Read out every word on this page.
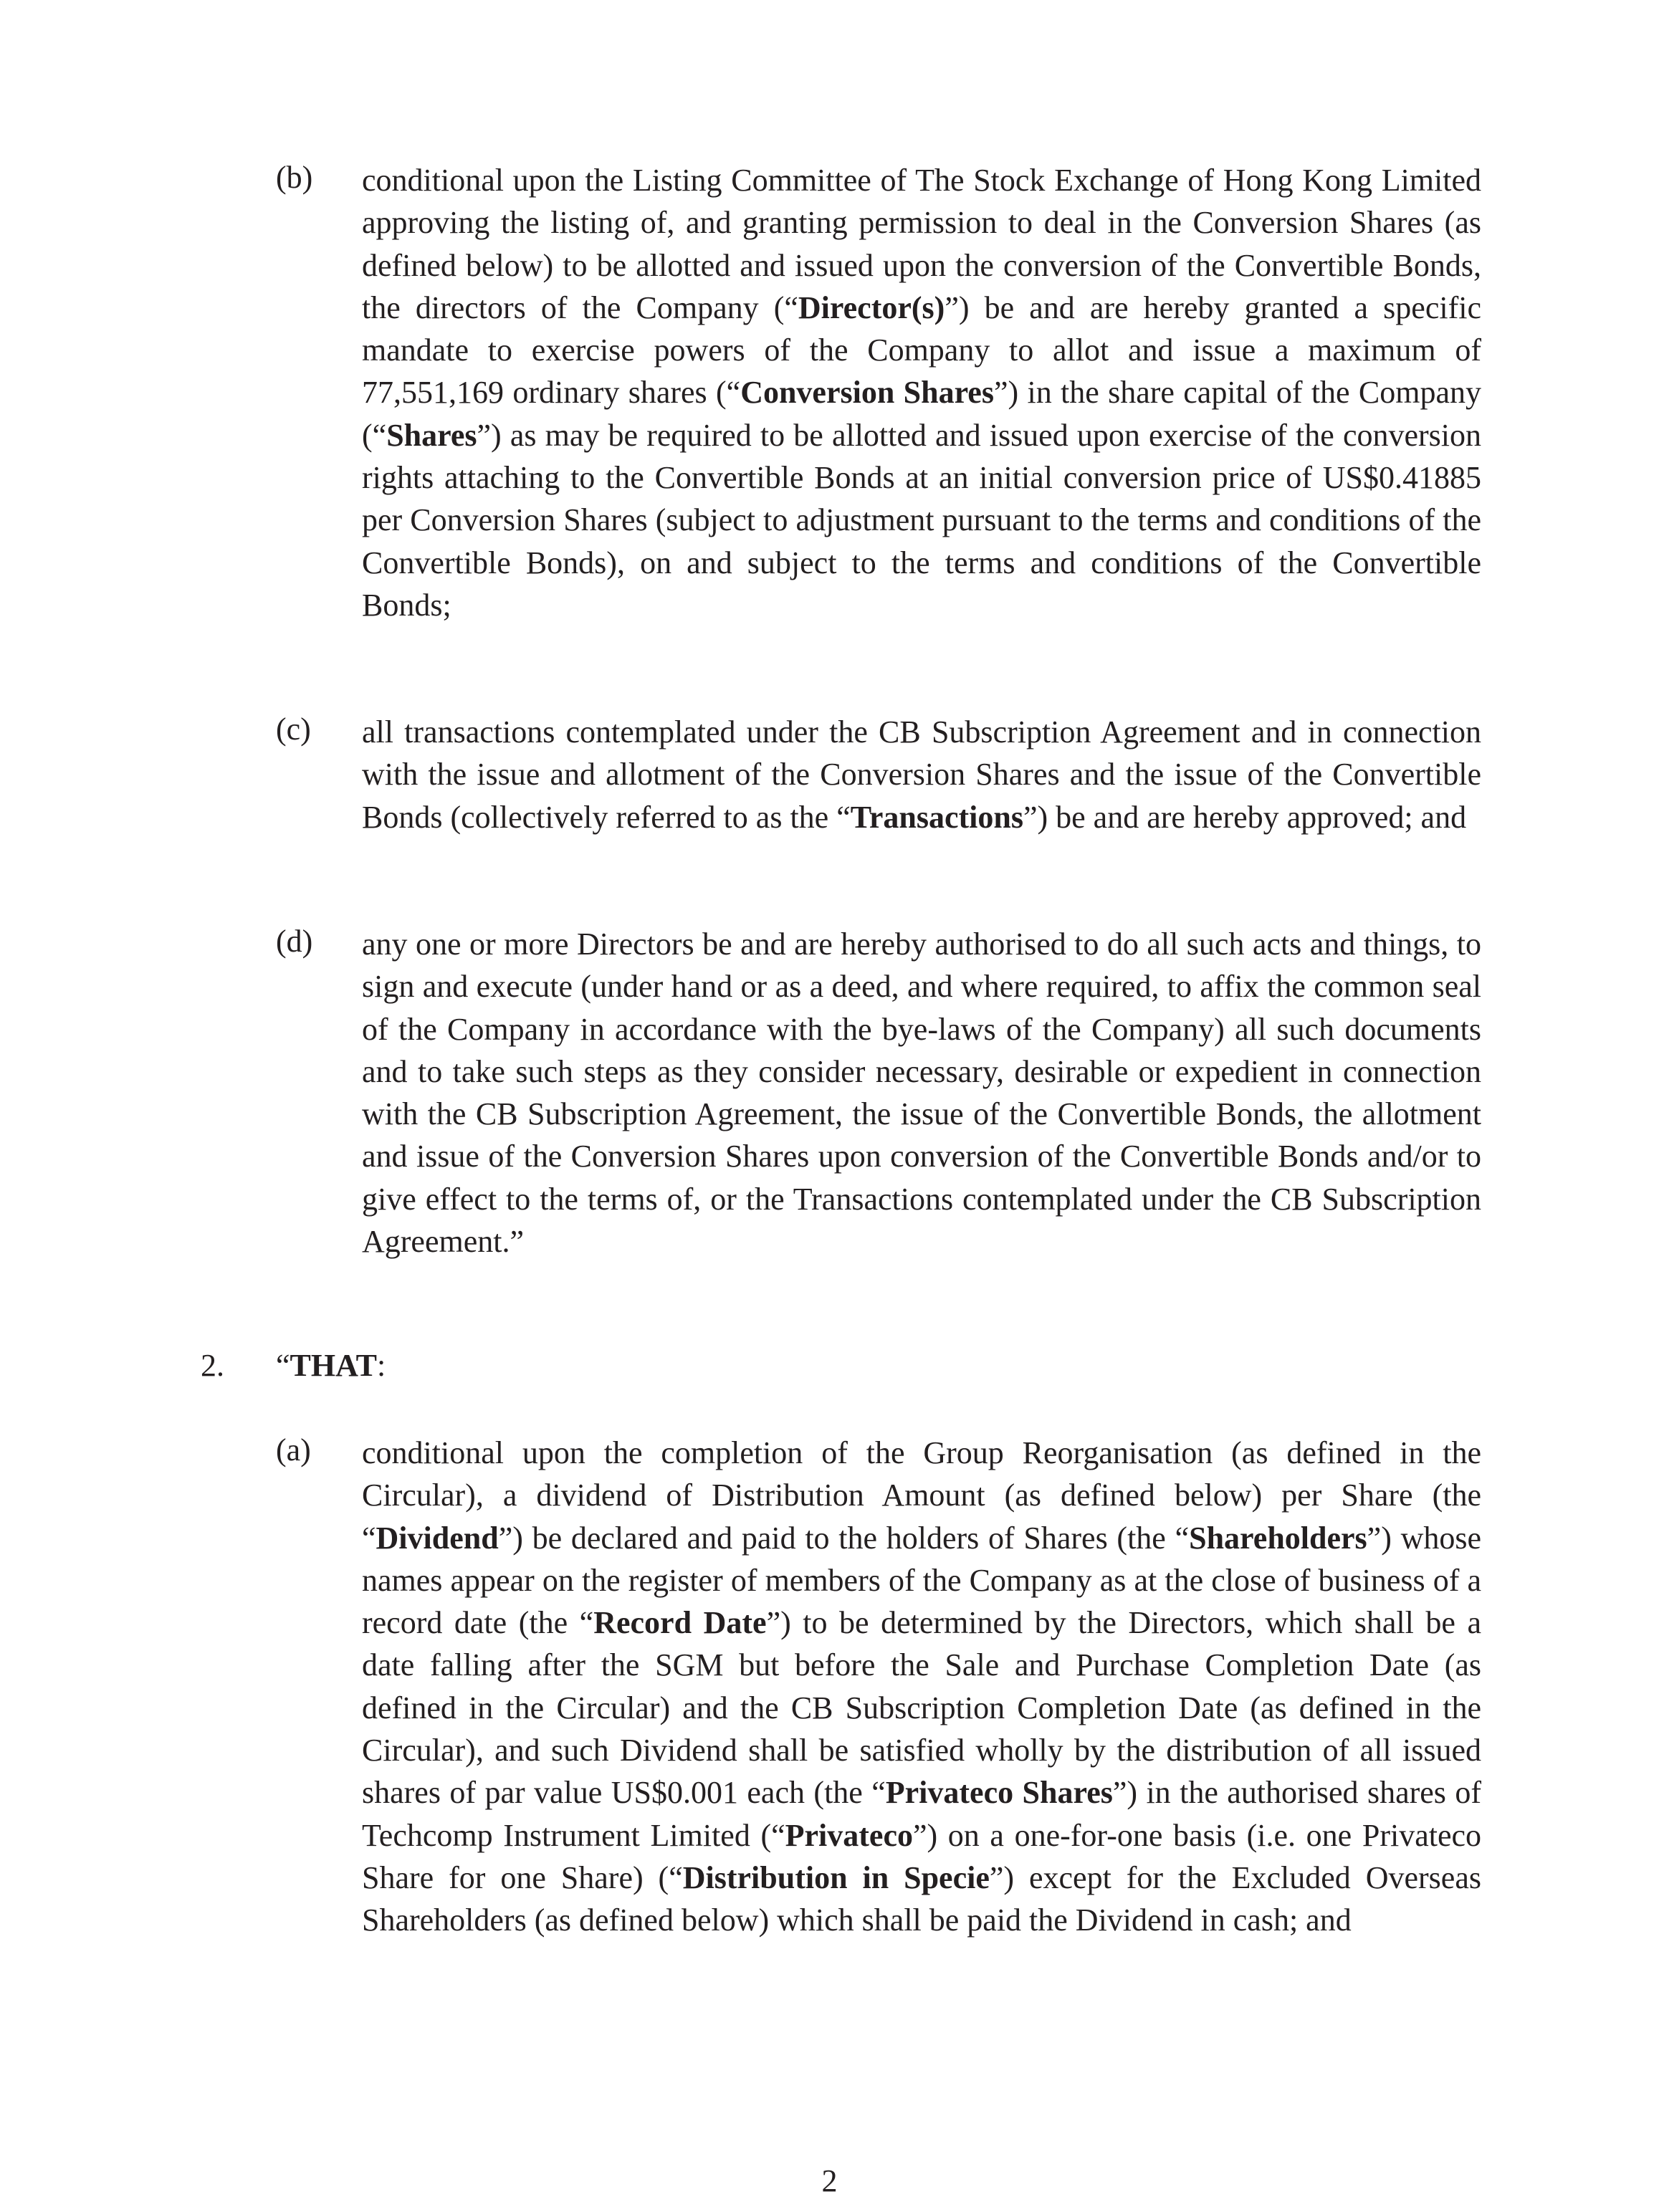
(b) conditional upon the Listing Committee of The Stock Exchange of Hong Kong Limited approving the listing of, and granting permission to deal in the Conversion Shares (as defined below) to be allotted and issued upon the conversion of the Convertible Bonds, the directors of the Company (“Director(s)”) be and are hereby granted a specific mandate to exercise powers of the Company to allot and issue a maximum of 77,551,169 ordinary shares (“Conversion Shares”) in the share capital of the Company (“Shares”) as may be required to be allotted and issued upon exercise of the conversion rights attaching to the Convertible Bonds at an initial conversion price of US$0.41885 per Conversion Shares (subject to adjustment pursuant to the terms and conditions of the Convertible Bonds), on and subject to the terms and conditions of the Convertible Bonds;
(c) all transactions contemplated under the CB Subscription Agreement and in connection with the issue and allotment of the Conversion Shares and the issue of the Convertible Bonds (collectively referred to as the “Transactions”) be and are hereby approved; and
(d) any one or more Directors be and are hereby authorised to do all such acts and things, to sign and execute (under hand or as a deed, and where required, to affix the common seal of the Company in accordance with the bye-laws of the Company) all such documents and to take such steps as they consider necessary, desirable or expedient in connection with the CB Subscription Agreement, the issue of the Convertible Bonds, the allotment and issue of the Conversion Shares upon conversion of the Convertible Bonds and/or to give effect to the terms of, or the Transactions contemplated under the CB Subscription Agreement.”
2. “THAT:
(a) conditional upon the completion of the Group Reorganisation (as defined in the Circular), a dividend of Distribution Amount (as defined below) per Share (the “Dividend”) be declared and paid to the holders of Shares (the “Shareholders”) whose names appear on the register of members of the Company as at the close of business of a record date (the “Record Date”) to be determined by the Directors, which shall be a date falling after the SGM but before the Sale and Purchase Completion Date (as defined in the Circular) and the CB Subscription Completion Date (as defined in the Circular), and such Dividend shall be satisfied wholly by the distribution of all issued shares of par value US$0.001 each (the “Privateco Shares”) in the authorised shares of Techcomp Instrument Limited (“Privateco”) on a one-for-one basis (i.e. one Privateco Share for one Share) (“Distribution in Specie”) except for the Excluded Overseas Shareholders (as defined below) which shall be paid the Dividend in cash; and
2
